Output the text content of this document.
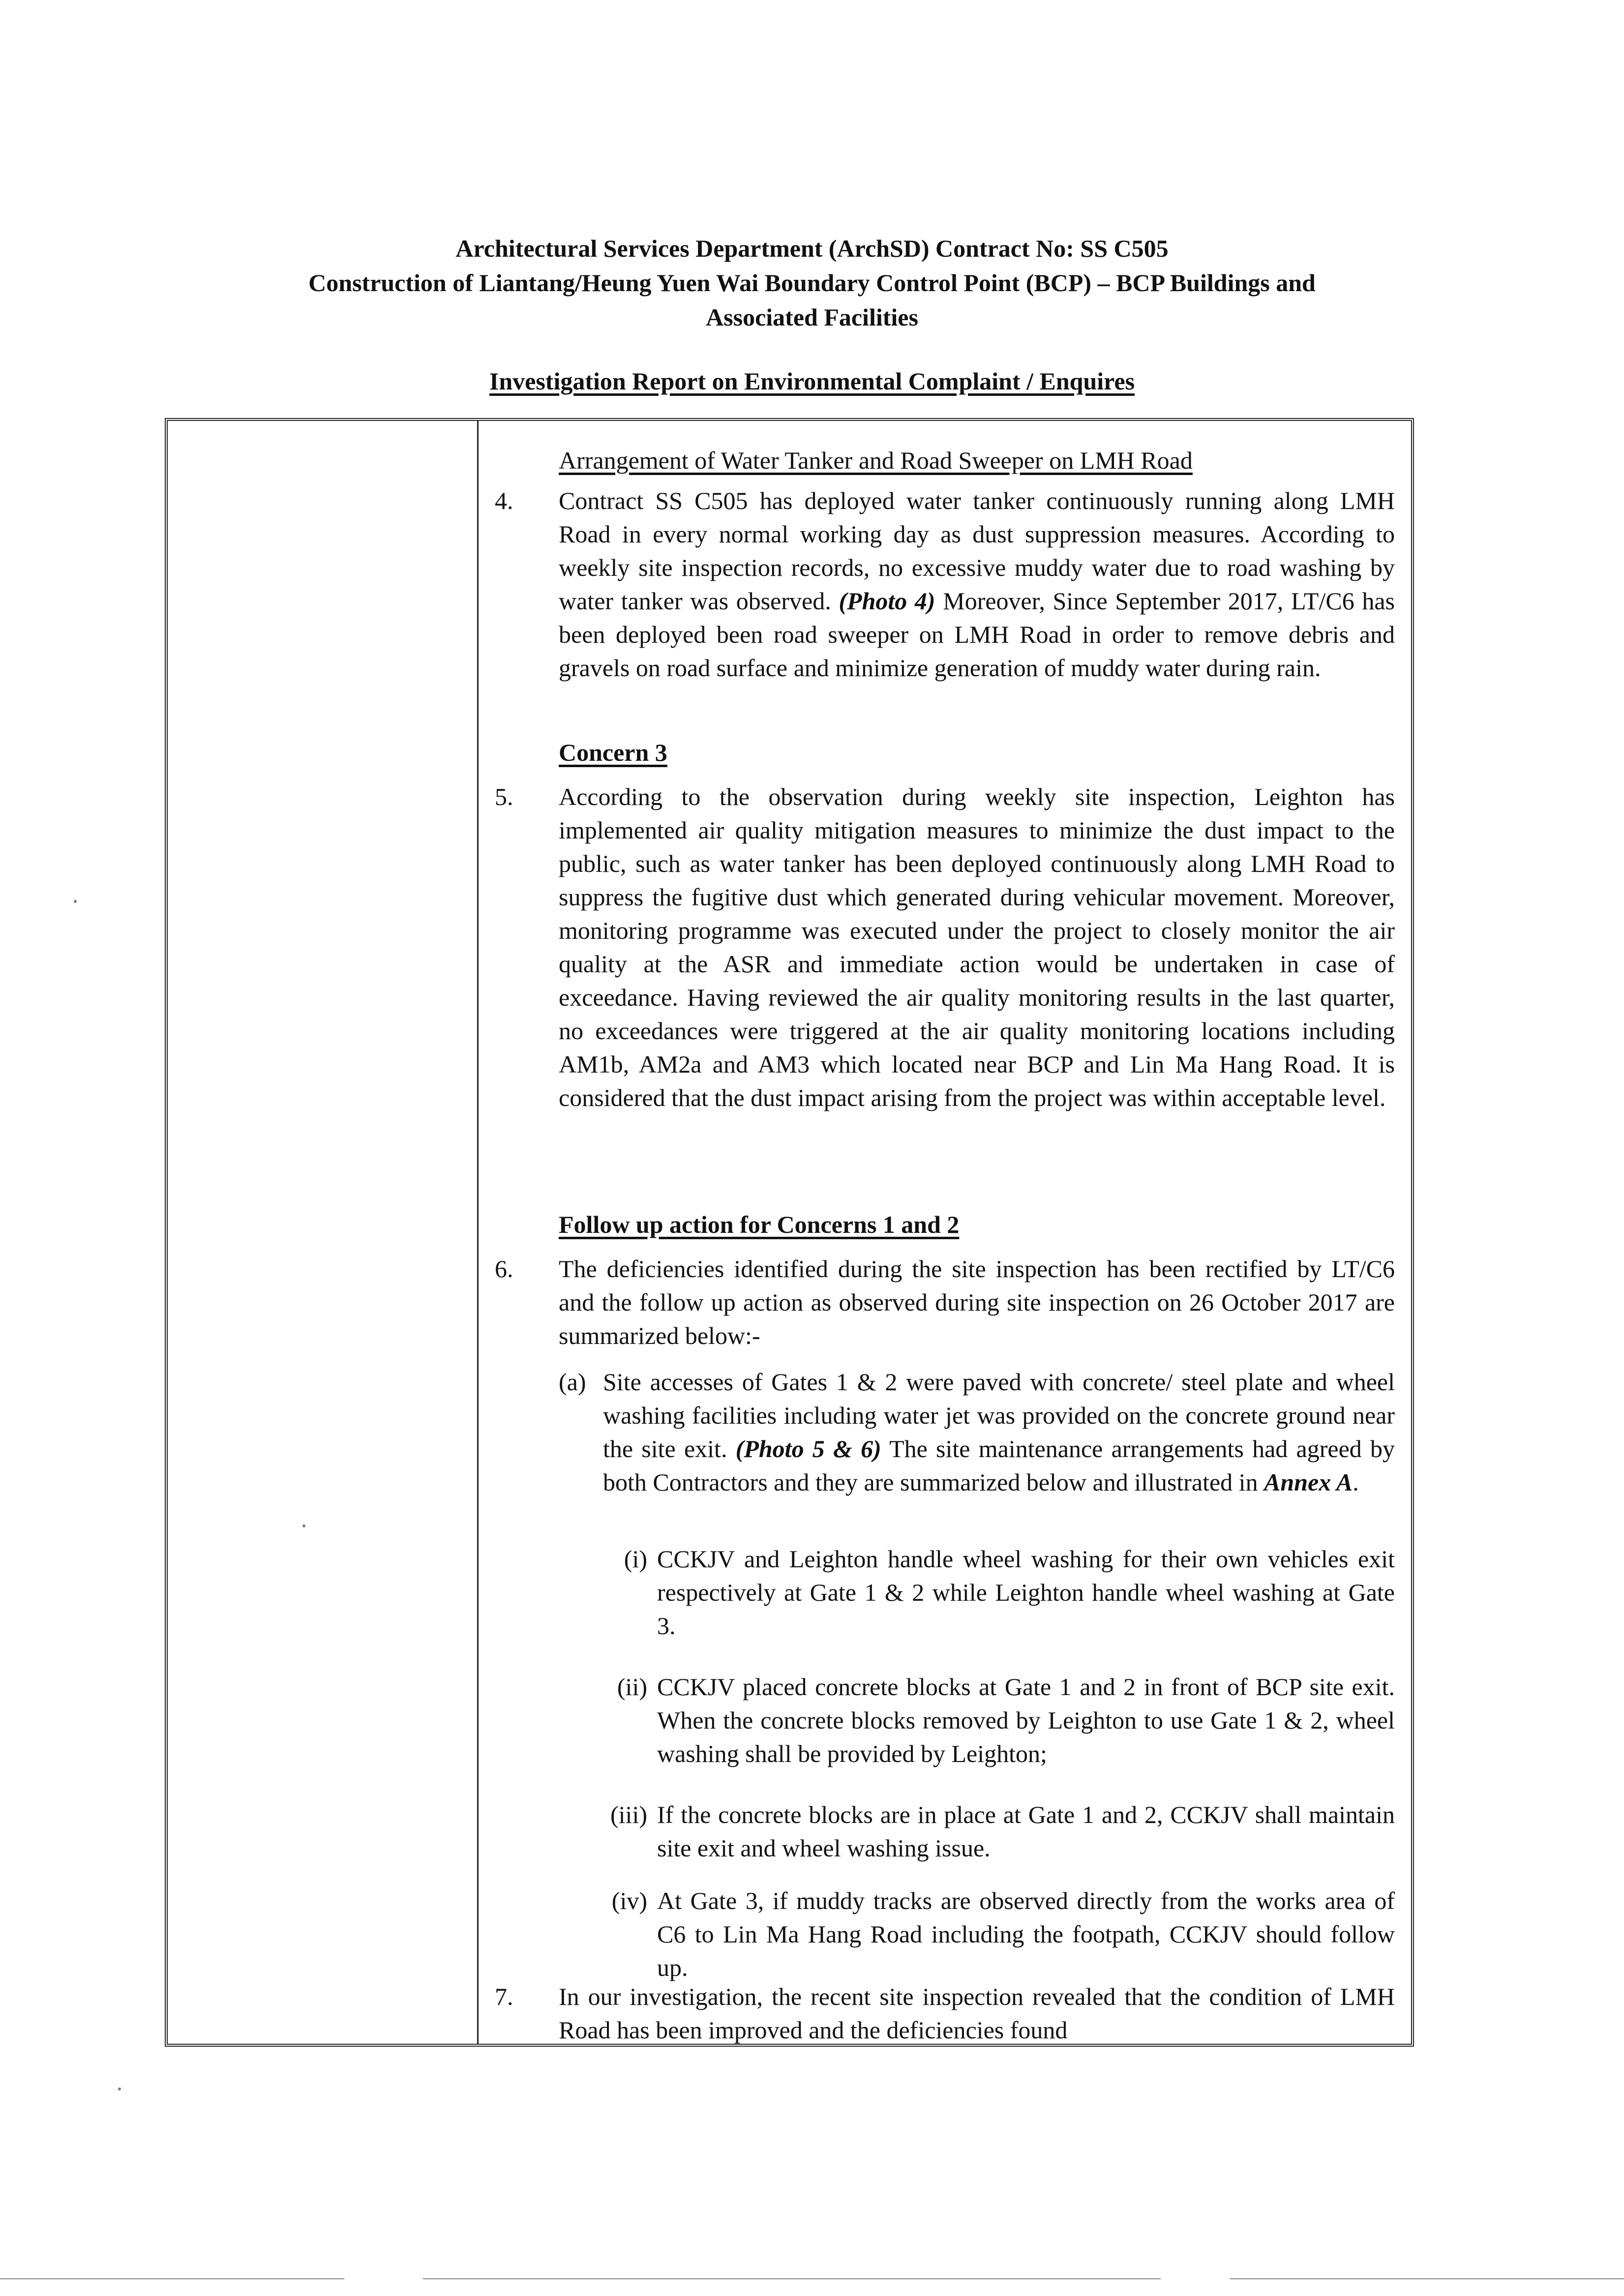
Architectural Services Department (ArchSD) Contract No: SS C505
Construction of Liantang/Heung Yuen Wai Boundary Control Point (BCP) – BCP Buildings and
Associated Facilities
Investigation Report on Environmental Complaint / Enquires
Arrangement of Water Tanker and Road Sweeper on LMH Road
4. Contract SS C505 has deployed water tanker continuously running along LMH Road in every normal working day as dust suppression measures. According to weekly site inspection records, no excessive muddy water due to road washing by water tanker was observed. (Photo 4) Moreover, Since September 2017, LT/C6 has been deployed been road sweeper on LMH Road in order to remove debris and gravels on road surface and minimize generation of muddy water during rain.
Concern 3
5. According to the observation during weekly site inspection, Leighton has implemented air quality mitigation measures to minimize the dust impact to the public, such as water tanker has been deployed continuously along LMH Road to suppress the fugitive dust which generated during vehicular movement. Moreover, monitoring programme was executed under the project to closely monitor the air quality at the ASR and immediate action would be undertaken in case of exceedance. Having reviewed the air quality monitoring results in the last quarter, no exceedances were triggered at the air quality monitoring locations including AM1b, AM2a and AM3 which located near BCP and Lin Ma Hang Road. It is considered that the dust impact arising from the project was within acceptable level.
Follow up action for Concerns 1 and 2
6. The deficiencies identified during the site inspection has been rectified by LT/C6 and the follow up action as observed during site inspection on 26 October 2017 are summarized below:-
(a) Site accesses of Gates 1 & 2 were paved with concrete/ steel plate and wheel washing facilities including water jet was provided on the concrete ground near the site exit. (Photo 5 & 6) The site maintenance arrangements had agreed by both Contractors and they are summarized below and illustrated in Annex A.
(i) CCKJV and Leighton handle wheel washing for their own vehicles exit respectively at Gate 1 & 2 while Leighton handle wheel washing at Gate 3.
(ii) CCKJV placed concrete blocks at Gate 1 and 2 in front of BCP site exit. When the concrete blocks removed by Leighton to use Gate 1 & 2, wheel washing shall be provided by Leighton;
(iii) If the concrete blocks are in place at Gate 1 and 2, CCKJV shall maintain site exit and wheel washing issue.
(iv) At Gate 3, if muddy tracks are observed directly from the works area of C6 to Lin Ma Hang Road including the footpath, CCKJV should follow up.
7. In our investigation, the recent site inspection revealed that the condition of LMH Road has been improved and the deficiencies found
